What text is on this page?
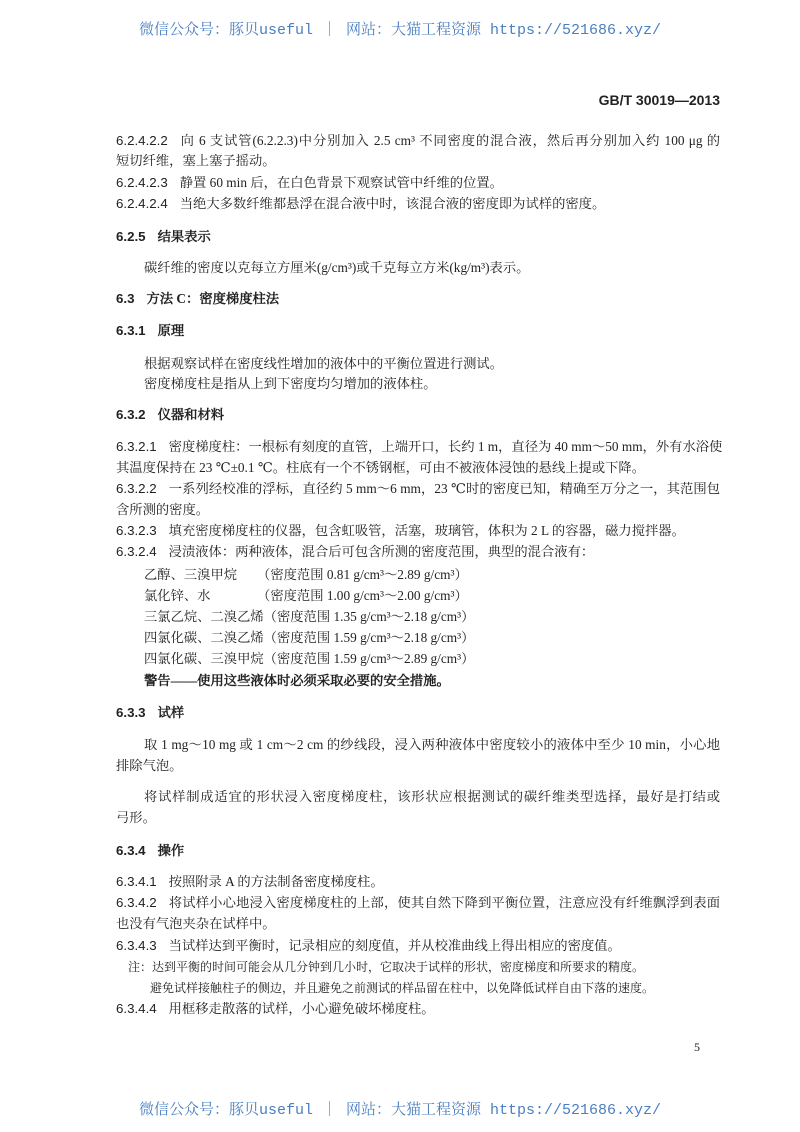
微信公众号：豚贝useful ｜ 网站：大猫工程资源 https://521686.xyz/
GB/T 30019—2013
6.2.4.2.2 向 6 支试管(6.2.2.3)中分别加入 2.5 cm³ 不同密度的混合液，然后再分别加入约 100 μg 的
短切纤维，塞上塞子摇动。
6.2.4.2.3 静置 60 min 后，在白色背景下观察试管中纤维的位置。
6.2.4.2.4 当绝大多数纤维都悬浮在混合液中时，该混合液的密度即为试样的密度。
6.2.5 结果表示
碳纤维的密度以克每立方厘米(g/cm³)或千克每立方米(kg/m³)表示。
6.3 方法 C：密度梯度柱法
6.3.1 原理
根据观察试样在密度线性增加的液体中的平衡位置进行测试。
密度梯度柱是指从上到下密度均匀增加的液体柱。
6.3.2 仪器和材料
6.3.2.1 密度梯度柱：一根标有刻度的直管，上端开口，长约 1 m，直径为 40 mm～50 mm，外有水浴使
其温度保持在 23 ℃±0.1 ℃。柱底有一个不锈钢框，可由不被液体浸蚀的悬线上提或下降。
6.3.2.2 一系列经校准的浮标，直径约 5 mm～6 mm，23 ℃时的密度已知，精确至万分之一，其范围包
含所测的密度。
6.3.2.3 填充密度梯度柱的仪器，包含虹吸管，活塞，玻璃管，体积为 2 L 的容器，磁力搅拌器。
6.3.2.4 浸渍液体：两种液体，混合后可包含所测的密度范围，典型的混合液有：
乙醇、三溴甲烷　　（密度范围 0.81 g/cm³～2.89 g/cm³）
氯化锌、水　　　　（密度范围 1.00 g/cm³～2.00 g/cm³）
三氯乙烷、二溴乙烯（密度范围 1.35 g/cm³～2.18 g/cm³）
四氯化碳、二溴乙烯（密度范围 1.59 g/cm³～2.18 g/cm³）
四氯化碳、三溴甲烷（密度范围 1.59 g/cm³～2.89 g/cm³）
警告——使用这些液体时必须采取必要的安全措施。
6.3.3 试样
取 1 mg～10 mg 或 1 cm～2 cm 的纱线段，浸入两种液体中密度较小的液体中至少 10 min，小心地
排除气泡。
将试样制成适宜的形状浸入密度梯度柱，该形状应根据测试的碳纤维类型选择，最好是打结或
弓形。
6.3.4 操作
6.3.4.1 按照附录 A 的方法制备密度梯度柱。
6.3.4.2 将试样小心地浸入密度梯度柱的上部，使其自然下降到平衡位置，注意应没有纤维飘浮到表面
也没有气泡夹杂在试样中。
6.3.4.3 当试样达到平衡时，记录相应的刻度值，并从校准曲线上得出相应的密度值。
注：达到平衡的时间可能会从几分钟到几小时，它取决于试样的形状，密度梯度和所要求的精度。
避免试样接触柱子的侧边，并且避免之前测试的样品留在柱中，以免降低试样自由下落的速度。
6.3.4.4 用框移走散落的试样，小心避免破坏梯度柱。
5
微信公众号：豚贝useful ｜ 网站：大猫工程资源 https://521686.xyz/
